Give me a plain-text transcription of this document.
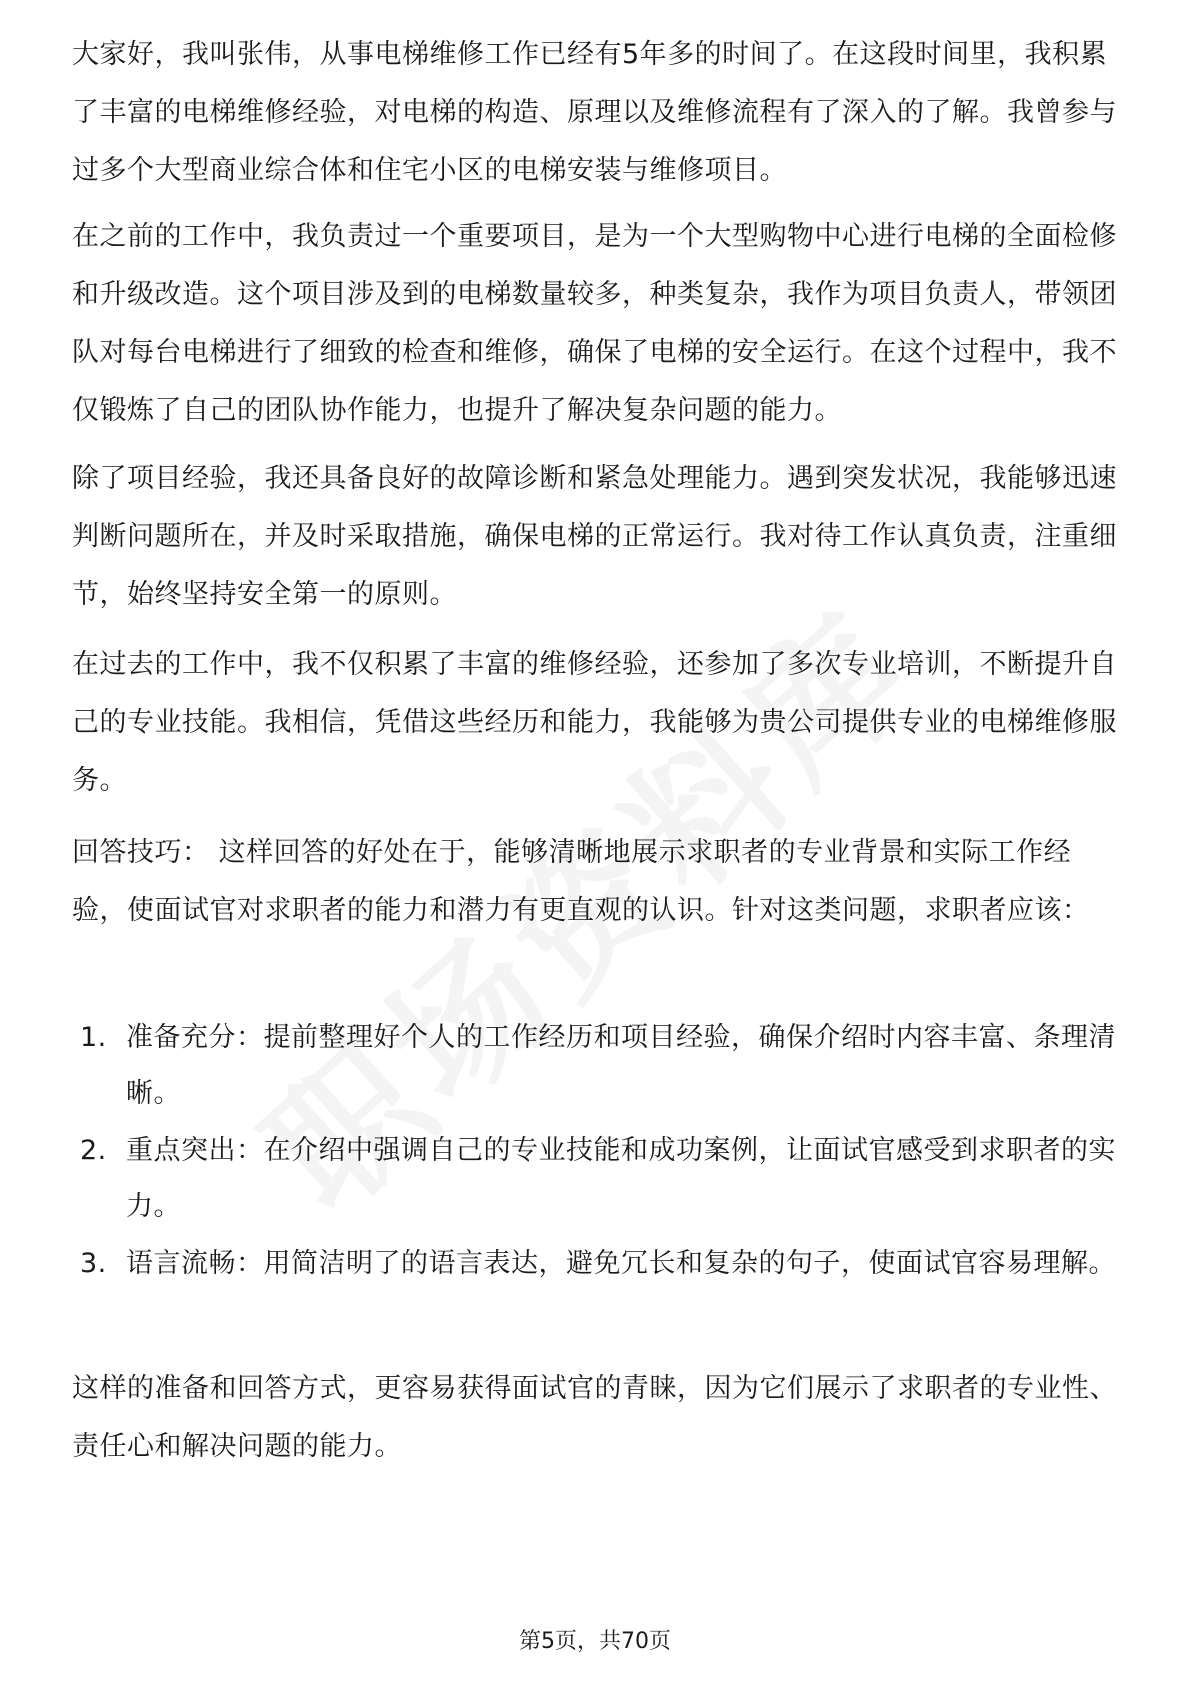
大家好，我叫张伟，从事电梯维修工作已经有5年多的时间了。在这段时间里，我积累了丰富的电梯维修经验，对电梯的构造、原理以及维修流程有了深入的了解。我曾参与过多个大型商业综合体和住宅小区的电梯安装与维修项目。

在之前的工作中，我负责过一个重要项目，是为一个大型购物中心进行电梯的全面检修和升级改造。这个项目涉及到的电梯数量较多，种类复杂，我作为项目负责人，带领团队对每台电梯进行了细致的检查和维修，确保了电梯的安全运行。在这个过程中，我不仅锻炼了自己的团队协作能力，也提升了解决复杂问题的能力。

除了项目经验，我还具备良好的故障诊断和紧急处理能力。遇到突发状况，我能够迅速判断问题所在，并及时采取措施，确保电梯的正常运行。我对待工作认真负责，注重细节，始终坚持安全第一的原则。

在过去的工作中，我不仅积累了丰富的维修经验，还参加了多次专业培训，不断提升自己的专业技能。我相信，凭借这些经历和能力，我能够为贵公司提供专业的电梯维修服务。

回答技巧： 这样回答的好处在于，能够清晰地展示求职者的专业背景和实际工作经验，使面试官对求职者的能力和潜力有更直观的认识。针对这类问题，求职者应该：

1. 准备充分：提前整理好个人的工作经历和项目经验，确保介绍时内容丰富、条理清晰。
2. 重点突出：在介绍中强调自己的专业技能和成功案例，让面试官感受到求职者的实力。
3. 语言流畅：用简洁明了的语言表达，避免冗长和复杂的句子，使面试官容易理解。

这样的准备和回答方式，更容易获得面试官的青睐，因为它们展示了求职者的专业性、责任心和解决问题的能力。

第5页，共70页
